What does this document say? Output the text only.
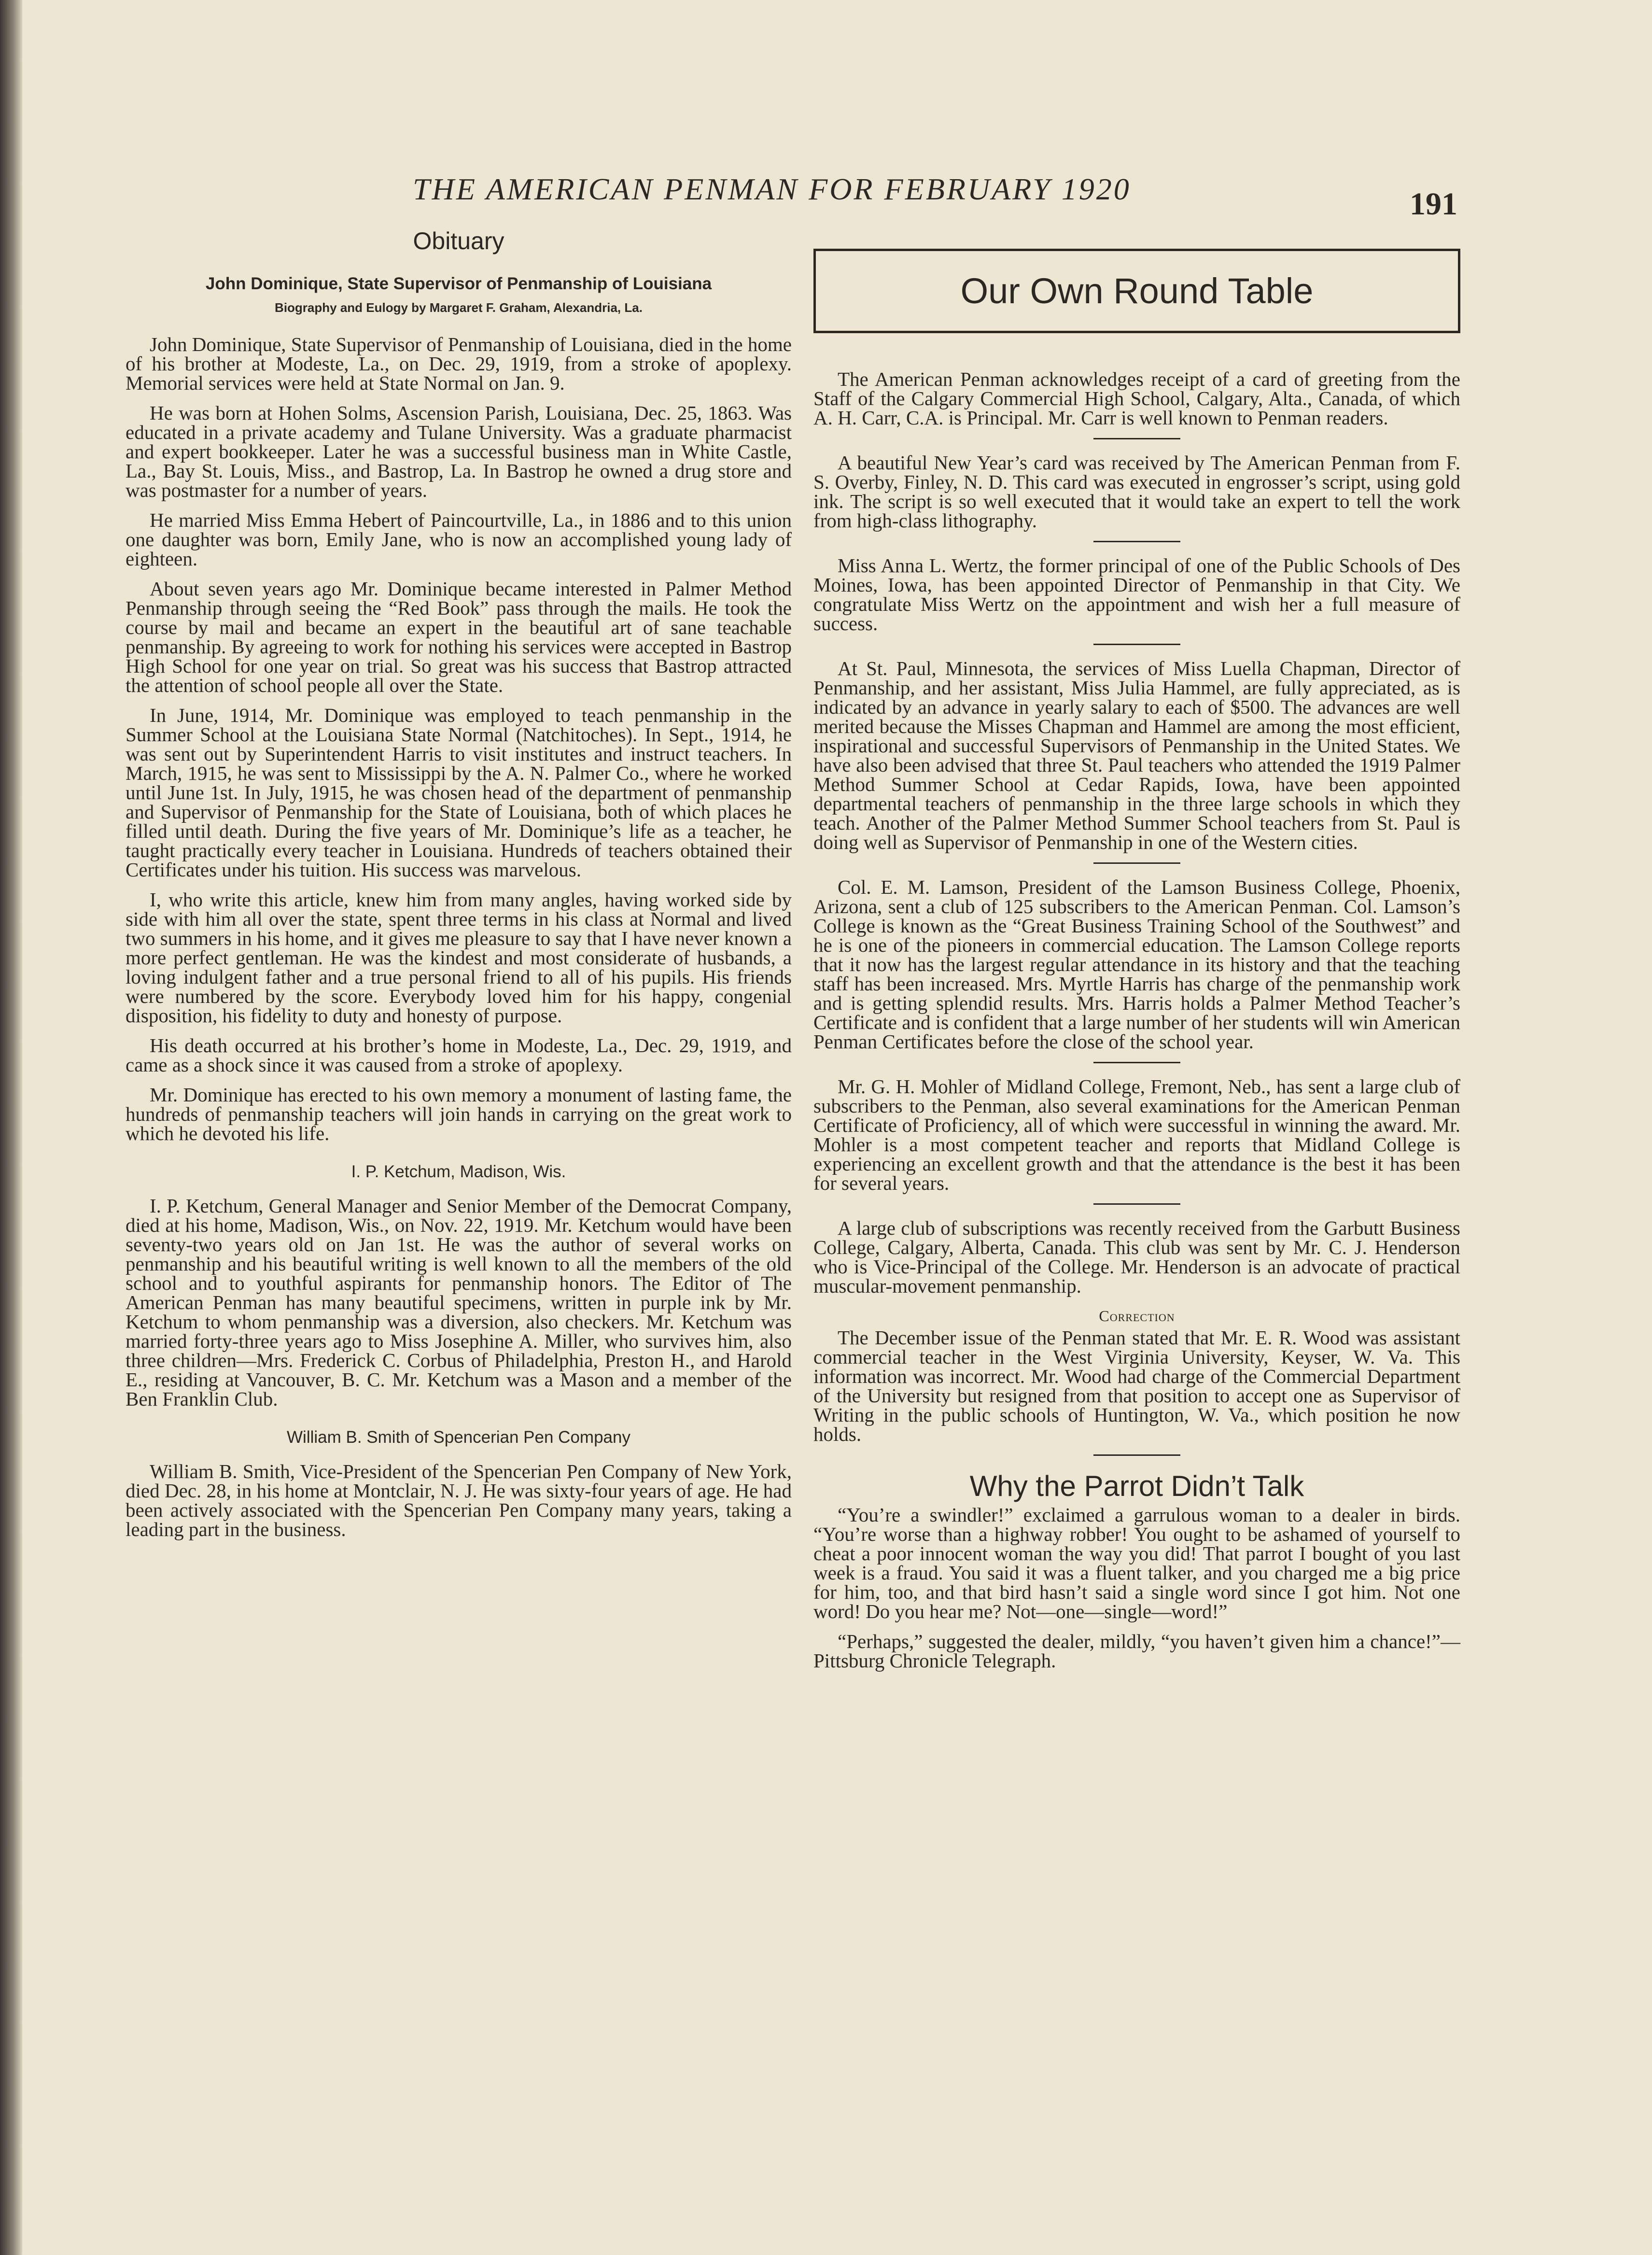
THE AMERICAN PENMAN FOR FEBRUARY 1920	191
Obituary
John Dominique, State Supervisor of Penmanship of Louisiana
Biography and Eulogy by Margaret F. Graham, Alexandria, La.

John Dominique, State Supervisor of Penmanship of Louisiana, died in the home of his brother at Modeste, La., on Dec. 29, 1919, from a stroke of apoplexy. Memorial services were held at State Normal on Jan. 9.

He was born at Hohen Solms, Ascension Parish, Louisiana, Dec. 25, 1863. Was educated in a private academy and Tulane University. Was a graduate pharmacist and expert bookkeeper. Later he was a successful business man in White Castle, La., Bay St. Louis, Miss., and Bastrop, La. In Bastrop he owned a drug store and was postmaster for a number of years.

He married Miss Emma Hebert of Paincourtville, La., in 1886 and to this union one daughter was born, Emily Jane, who is now an accomplished young lady of eighteen.

About seven years ago Mr. Dominique became interested in Palmer Method Penmanship through seeing the “Red Book” pass through the mails. He took the course by mail and became an expert in the beautiful art of sane teachable penmanship. By agreeing to work for nothing his services were accepted in Bastrop High School for one year on trial. So great was his success that Bastrop attracted the attention of school people all over the State.

In June, 1914, Mr. Dominique was employed to teach penmanship in the Summer School at the Louisiana State Normal (Natchitoches). In Sept., 1914, he was sent out by Superintendent Harris to visit institutes and instruct teachers. In March, 1915, he was sent to Mississippi by the A. N. Palmer Co., where he worked until June 1st. In July, 1915, he was chosen head of the department of penmanship and Supervisor of Penmanship for the State of Louisiana, both of which places he filled until death. During the five years of Mr. Dominique’s life as a teacher, he taught practically every teacher in Louisiana. Hundreds of teachers obtained their Certificates under his tuition. His success was marvelous.

I, who write this article, knew him from many angles, having worked side by side with him all over the state, spent three terms in his class at Normal and lived two summers in his home, and it gives me pleasure to say that I have never known a more perfect gentleman. He was the kindest and most considerate of husbands, a loving indulgent father and a true personal friend to all of his pupils. His friends were numbered by the score. Everybody loved him for his happy, congenial disposition, his fidelity to duty and honesty of purpose.

His death occurred at his brother’s home in Modeste, La., Dec. 29, 1919, and came as a shock since it was caused from a stroke of apoplexy.

Mr. Dominique has erected to his own memory a monument of lasting fame, the hundreds of penmanship teachers will join hands in carrying on the great work to which he devoted his life.

I. P. Ketchum, Madison, Wis.

I. P. Ketchum, General Manager and Senior Member of the Democrat Company, died at his home, Madison, Wis., on Nov. 22, 1919. Mr. Ketchum would have been seventy-two years old on Jan 1st. He was the author of several works on penmanship and his beautiful writing is well known to all the members of the old school and to youthful aspirants for penmanship honors. The Editor of The American Penman has many beautiful specimens, written in purple ink by Mr. Ketchum to whom penmanship was a diversion, also checkers. Mr. Ketchum was married forty-three years ago to Miss Josephine A. Miller, who survives him, also three children—Mrs. Frederick C. Corbus of Philadelphia, Preston H., and Harold E., residing at Vancouver, B. C. Mr. Ketchum was a Mason and a member of the Ben Franklin Club.

William B. Smith of Spencerian Pen Company

William B. Smith, Vice-President of the Spencerian Pen Company of New York, died Dec. 28, in his home at Montclair, N. J. He was sixty-four years of age. He had been actively associated with the Spencerian Pen Company many years, taking a leading part in the business.

Our Own Round Table

The American Penman acknowledges receipt of a card of greeting from the Staff of the Calgary Commercial High School, Calgary, Alta., Canada, of which A. H. Carr, C.A. is Principal. Mr. Carr is well known to Penman readers.

A beautiful New Year’s card was received by The American Penman from F. S. Overby, Finley, N. D. This card was executed in engrosser’s script, using gold ink. The script is so well executed that it would take an expert to tell the work from high-class lithography.

Miss Anna L. Wertz, the former principal of one of the Public Schools of Des Moines, Iowa, has been appointed Director of Penmanship in that City. We congratulate Miss Wertz on the appointment and wish her a full measure of success.

At St. Paul, Minnesota, the services of Miss Luella Chapman, Director of Penmanship, and her assistant, Miss Julia Hammel, are fully appreciated, as is indicated by an advance in yearly salary to each of $500. The advances are well merited because the Misses Chapman and Hammel are among the most efficient, inspirational and successful Supervisors of Penmanship in the United States. We have also been advised that three St. Paul teachers who attended the 1919 Palmer Method Summer School at Cedar Rapids, Iowa, have been appointed departmental teachers of penmanship in the three large schools in which they teach. Another of the Palmer Method Summer School teachers from St. Paul is doing well as Supervisor of Penmanship in one of the Western cities.

Col. E. M. Lamson, President of the Lamson Business College, Phoenix, Arizona, sent a club of 125 subscribers to the American Penman. Col. Lamson’s College is known as the “Great Business Training School of the Southwest” and he is one of the pioneers in commercial education. The Lamson College reports that it now has the largest regular attendance in its history and that the teaching staff has been increased. Mrs. Myrtle Harris has charge of the penmanship work and is getting splendid results. Mrs. Harris holds a Palmer Method Teacher’s Certificate and is confident that a large number of her students will win American Penman Certificates before the close of the school year.

Mr. G. H. Mohler of Midland College, Fremont, Neb., has sent a large club of subscribers to the Penman, also several examinations for the American Penman Certificate of Proficiency, all of which were successful in winning the award. Mr. Mohler is a most competent teacher and reports that Midland College is experiencing an excellent growth and that the attendance is the best it has been for several years.

A large club of subscriptions was recently received from the Garbutt Business College, Calgary, Alberta, Canada. This club was sent by Mr. C. J. Henderson who is Vice-Principal of the College. Mr. Henderson is an advocate of practical muscular-movement penmanship.

Correction

The December issue of the Penman stated that Mr. E. R. Wood was assistant commercial teacher in the West Virginia University, Keyser, W. Va. This information was incorrect. Mr. Wood had charge of the Commercial Department of the University but resigned from that position to accept one as Supervisor of Writing in the public schools of Huntington, W. Va., which position he now holds.

Why the Parrot Didn’t Talk

“You’re a swindler!” exclaimed a garrulous woman to a dealer in birds. “You’re worse than a highway robber! You ought to be ashamed of yourself to cheat a poor innocent woman the way you did! That parrot I bought of you last week is a fraud. You said it was a fluent talker, and you charged me a big price for him, too, and that bird hasn’t said a single word since I got him. Not one word! Do you hear me? Not—one—single—word!”

“Perhaps,” suggested the dealer, mildly, “you haven’t given him a chance!”—Pittsburg Chronicle Telegraph.
